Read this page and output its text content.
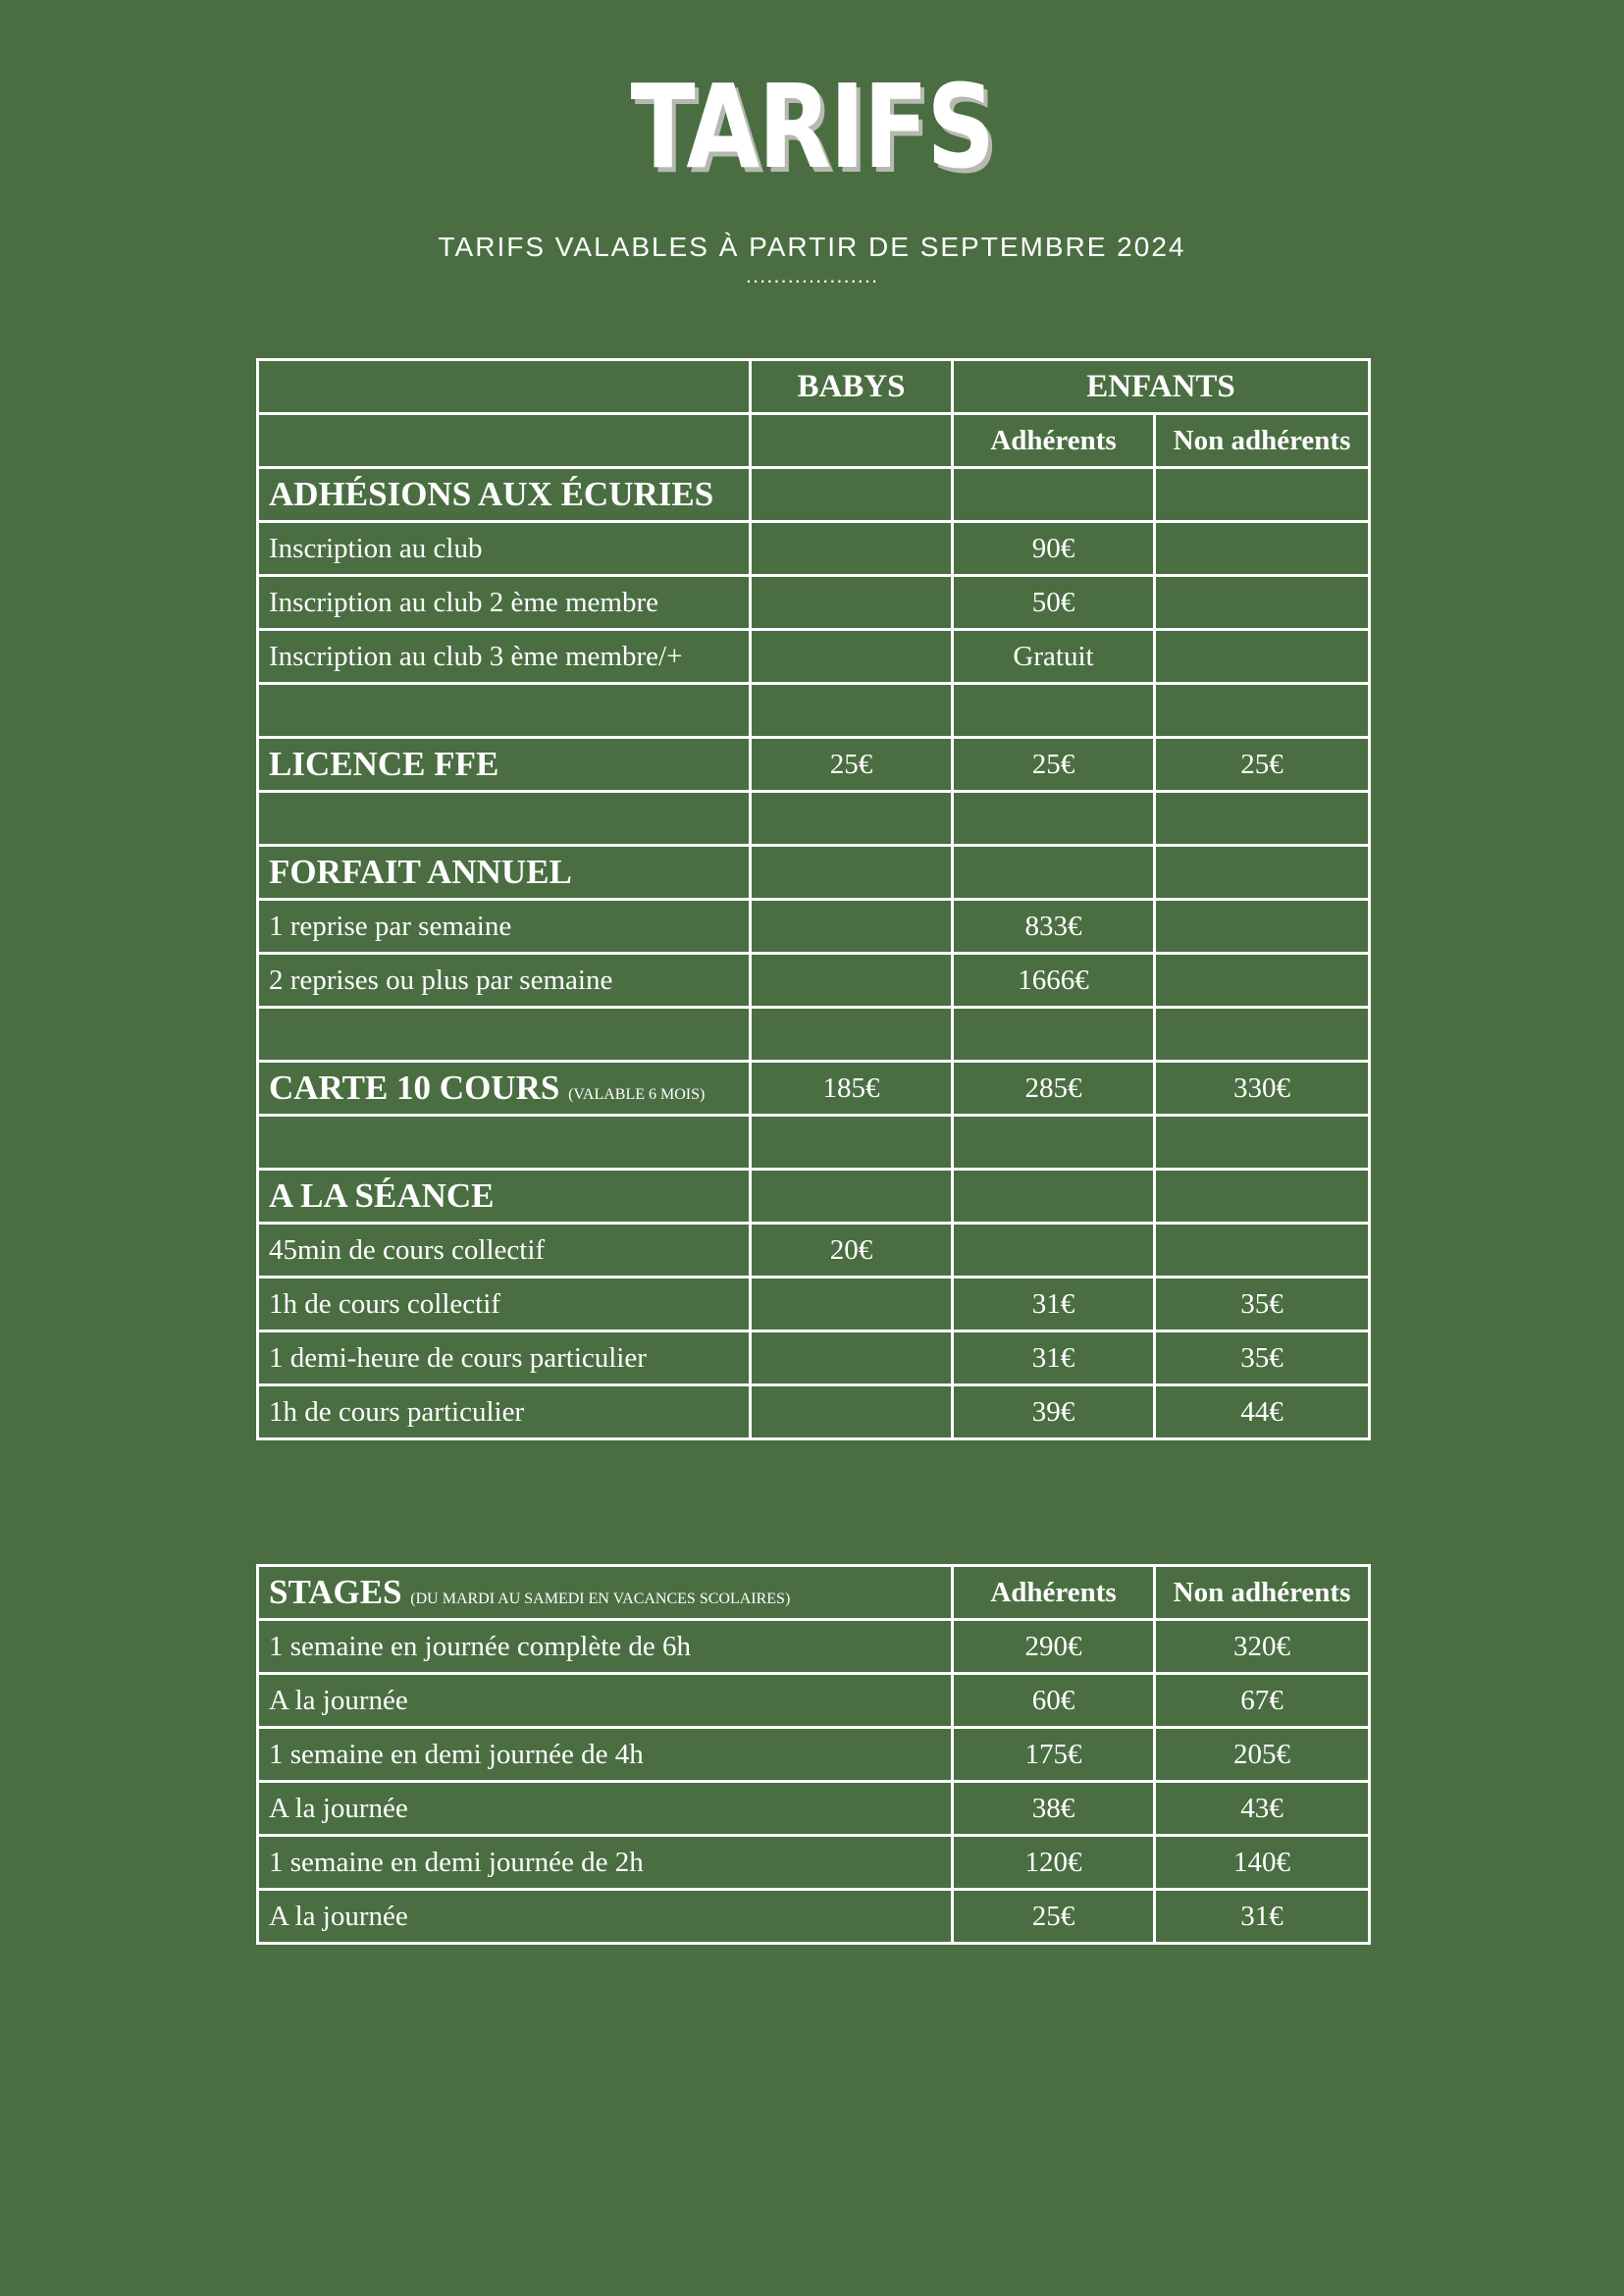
TARIFS
TARIFS VALABLES À PARTIR DE SEPTEMBRE 2024
...................
	BABYS	ENFANTS	
		Adhérents	Non adhérents
ADHÉSIONS AUX ÉCURIES			
Inscription au club		90€	
Inscription au club 2 ème membre		50€	
Inscription au club 3 ème membre/+		Gratuit	

LICENCE FFE	25€	25€	25€

FORFAIT ANNUEL			
1 reprise par semaine		833€	
2 reprises ou plus par semaine		1666€	

CARTE 10 COURS (VALABLE 6 MOIS)	185€	285€	330€

A LA SÉANCE			
45min de cours collectif	20€		
1h de cours collectif		31€	35€
1 demi-heure de cours particulier		31€	35€
1h de cours particulier		39€	44€
STAGES (DU MARDI AU SAMEDI EN VACANCES SCOLAIRES)	Adhérents	Non adhérents
1 semaine en journée complète de 6h	290€	320€
A la journée	60€	67€
1 semaine en demi journée de 4h	175€	205€
A la journée	38€	43€
1 semaine en demi journée de 2h	120€	140€
A la journée	25€	31€
